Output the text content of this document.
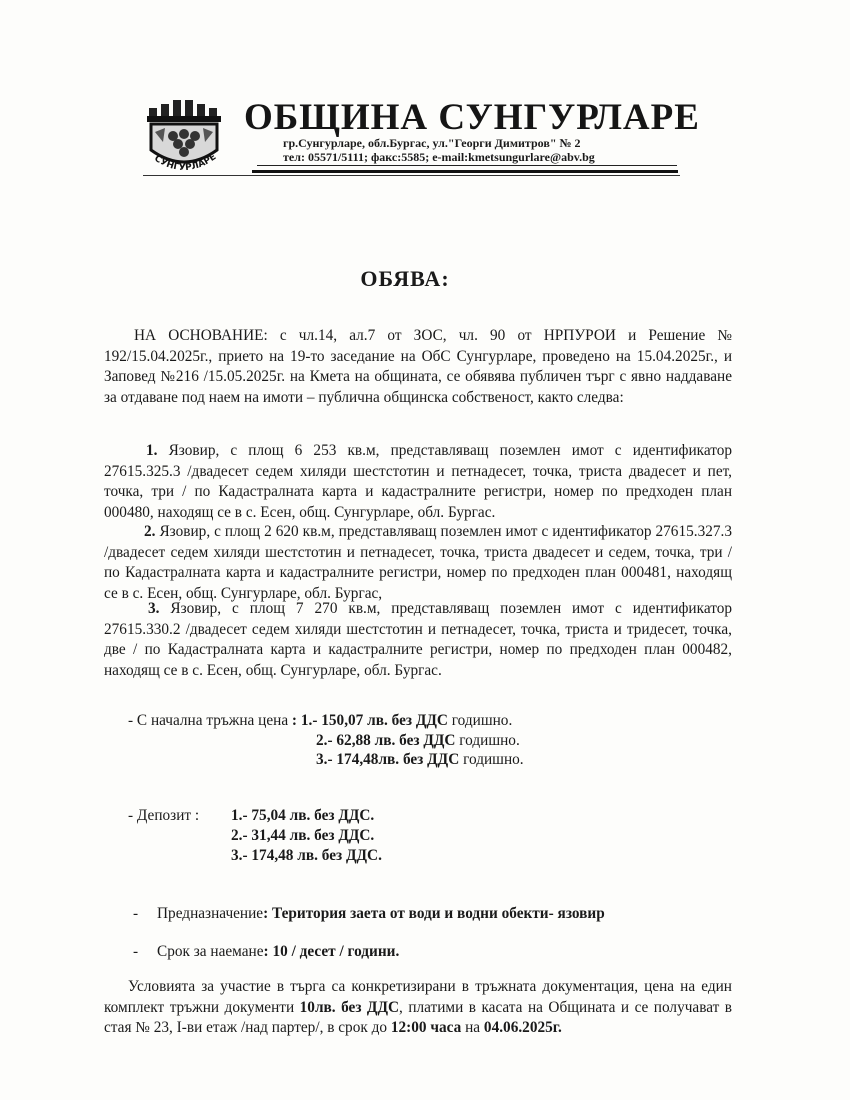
СУНГУРЛАРЕ
ОБЩИНА СУНГУРЛАРЕ
гр.Сунгурларе, обл.Бургас, ул."Георги Димитров" № 2
тел: 05571/5111; факс:5585; e-mail:kmetsungurlare@abv.bg
ОБЯВА:
НА ОСНОВАНИЕ: с чл.14, ал.7 от ЗОС, чл. 90 от НРПУРОИ и Решение № 192/15.04.2025г., прието на 19-то заседание на ОбС Сунгурларе, проведено на 15.04.2025г., и Заповед №216 /15.05.2025г. на Кмета на общината, се обявява публичен търг с явно наддаване за отдаване под наем на имоти – публична общинска собственост, както следва:
1. Язовир, с площ 6 253 кв.м, представляващ поземлен имот с идентификатор 27615.325.3 /двадесет седем хиляди шестстотин и петнадесет, точка, триста двадесет и пет, точка, три / по Кадастралната карта и кадастралните регистри, номер по предходен план 000480, находящ се в с. Есен, общ. Сунгурларе, обл. Бургас.
2. Язовир, с площ 2 620 кв.м, представляващ поземлен имот с идентификатор 27615.327.3 /двадесет седем хиляди шестстотин и петнадесет, точка, триста двадесет и седем, точка, три / по Кадастралната карта и кадастралните регистри, номер по предходен план 000481, находящ се в с. Есен, общ. Сунгурларе, обл. Бургас,
3. Язовир, с площ 7 270 кв.м, представляващ поземлен имот с идентификатор 27615.330.2 /двадесет седем хиляди шестстотин и петнадесет, точка, триста и тридесет, точка, две / по Кадастралната карта и кадастралните регистри, номер по предходен план 000482, находящ се в с. Есен, общ. Сунгурларе, обл. Бургас.
- С начална тръжна цена : 1.- 150,07 лв. без ДДС годишно.
2.- 62,88 лв. без ДДС годишно.
3.- 174,48лв. без ДДС годишно.
- Депозит : 1.- 75,04 лв. без ДДС.
2.- 31,44 лв. без ДДС.
3.- 174,48 лв. без ДДС.
- Предназначение: Територия заета от води и водни обекти- язовир
- Срок за наемане: 10 / десет / години.
Условията за участие в търга са конкретизирани в тръжната документация, цена на един комплект тръжни документи 10лв. без ДДС, платими в касата на Общината и се получават в стая № 23, І-ви етаж /над партер/, в срок до 12:00 часа на 04.06.2025г.
